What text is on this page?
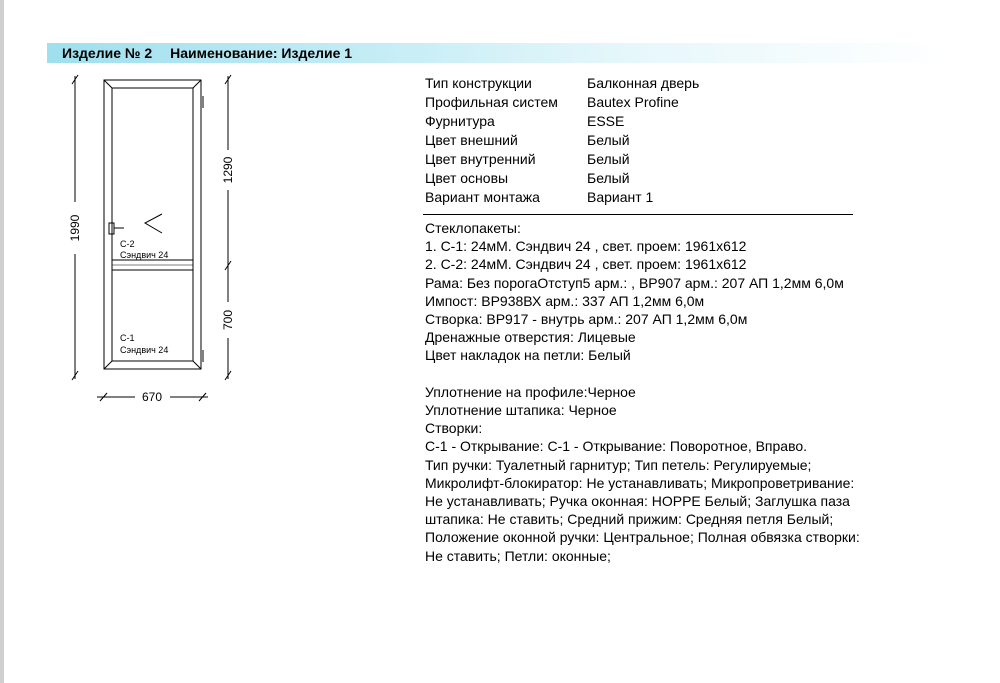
Изделие № 2 Наименование: Изделие 1
С-2
Сэндвич 24
С-1
Сэндвич 24
1990
1290
700
670
Тип конструкции	Балконная дверь
Профильная систем	Bautex Profine
Фурнитура	ESSE
Цвет внешний	Белый
Цвет внутренний	Белый
Цвет основы	Белый
Вариант монтажа	Вариант 1
Стеклопакеты:
1. С-1: 24мМ. Сэндвич 24 , свет. проем: 1961x612
2. С-2: 24мМ. Сэндвич 24 , свет. проем: 1961x612
Рама: Без порогаОтступ5 арм.: , ВР907 арм.: 207 АП 1,2мм 6,0м
Импост: ВР938ВХ арм.: 337 АП 1,2мм 6,0м
Створка: ВР917 - внутрь арм.: 207 АП 1,2мм 6,0м
Дренажные отверстия: Лицевые
Цвет накладок на петли: Белый
Уплотнение на профиле:Черное
Уплотнение штапика: Черное
Створки:
С-1 - Открывание: С-1 - Открывание: Поворотное, Вправо.
Тип ручки: Туалетный гарнитур; Тип петель: Регулируемые;
Микролифт-блокиратор: Не устанавливать; Микропроветривание:
Не устанавливать; Ручка оконная: HOPPE Белый; Заглушка паза
штапика: Не ставить; Средний прижим: Средняя петля Белый;
Положение оконной ручки: Центральное; Полная обвязка створки:
Не ставить; Петли: оконные;
